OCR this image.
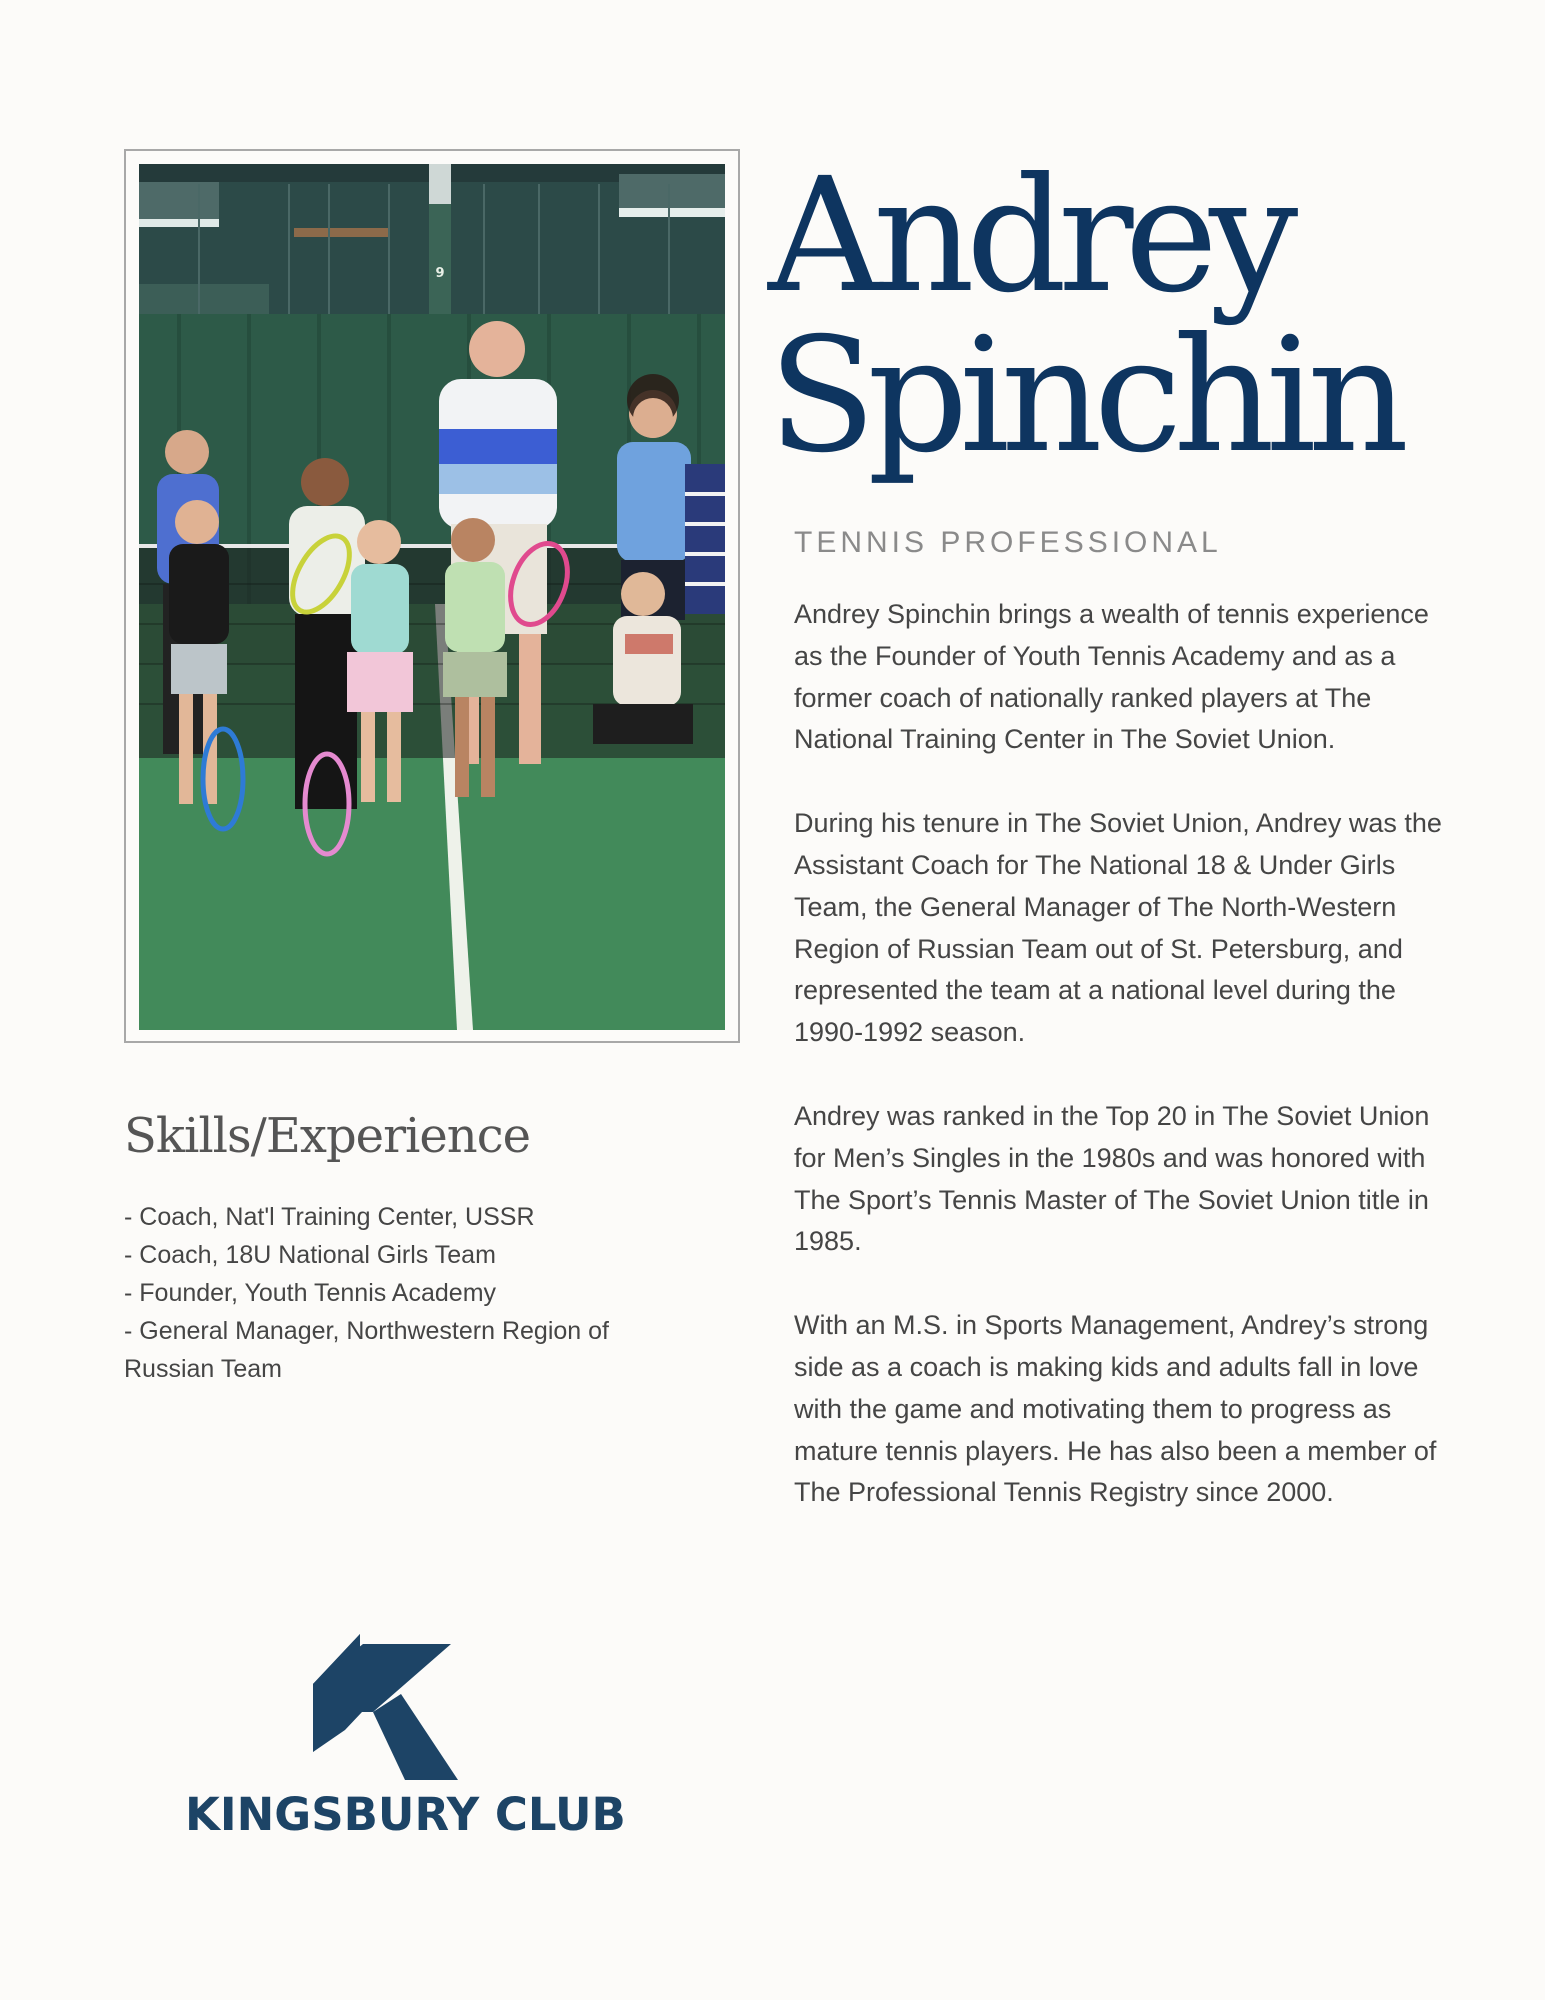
9 Andrey
Spinchin
TENNIS PROFESSIONAL

Andrey Spinchin brings a wealth of tennis experience as the Founder of Youth Tennis Academy and as a former coach of nationally ranked players at The National Training Center in The Soviet Union.

During his tenure in The Soviet Union, Andrey was the Assistant Coach for The National 18 & Under Girls Team, the General Manager of The North-Western Region of Russian Team out of St. Petersburg, and represented the team at a national level during the 1990-1992 season.

Andrey was ranked in the Top 20 in The Soviet Union for Men’s Singles in the 1980s and was honored with The Sport’s Tennis Master of The Soviet Union title in 1985.

With an M.S. in Sports Management, Andrey’s strong side as a coach is making kids and adults fall in love with the game and motivating them to progress as mature tennis players. He has also been a member of The Professional Tennis Registry since 2000.

Skills/Experience
- Coach, Nat'l Training Center, USSR
- Coach, 18U National Girls Team
- Founder, Youth Tennis Academy
- General Manager, Northwestern Region of Russian Team
KINGSBURY CLUB
